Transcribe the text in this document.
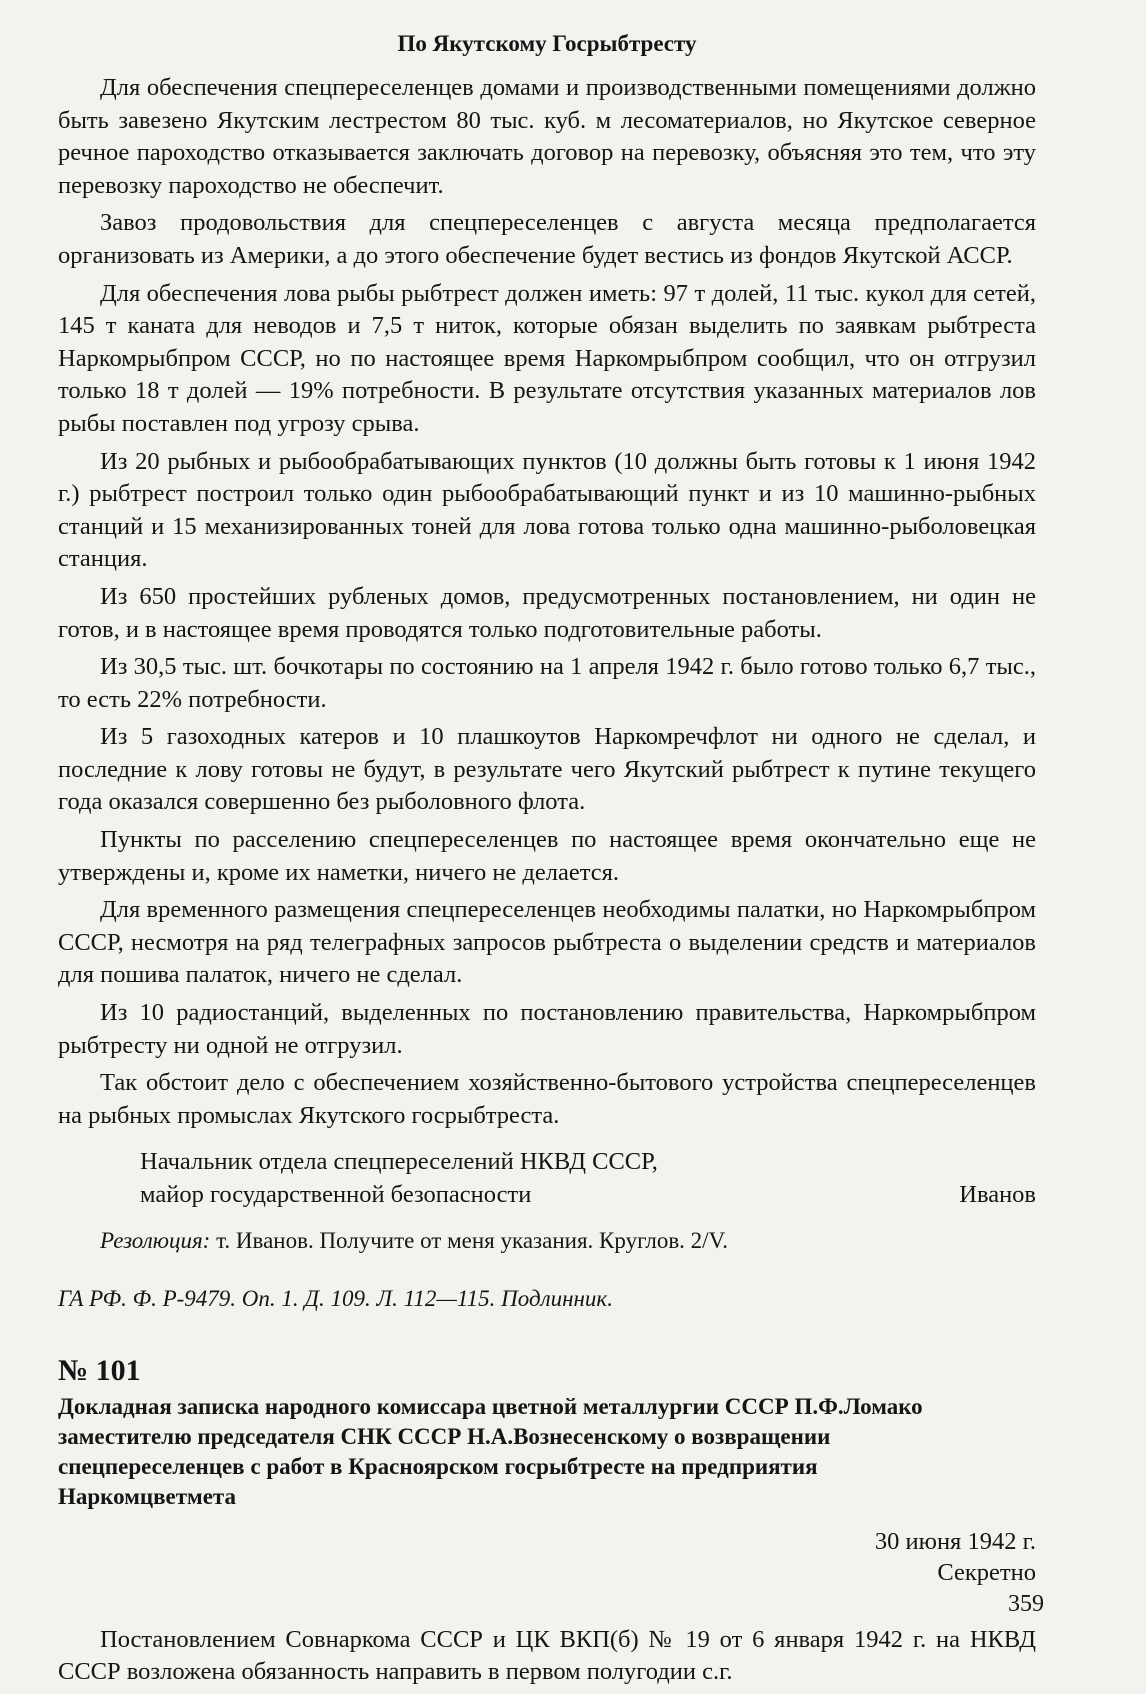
По Якутскому Госрыбтресту

Для обеспечения спецпереселенцев домами и производственными помещениями должно быть завезено Якутским лестрестом 80 тыс. куб. м лесоматериалов, но Якутское северное речное пароходство отказывается заключать договор на перевозку, объясняя это тем, что эту перевозку пароходство не обеспечит.

Завоз продовольствия для спецпереселенцев с августа месяца предполагается организовать из Америки, а до этого обеспечение будет вестись из фондов Якутской АССР.

Для обеспечения лова рыбы рыбтрест должен иметь: 97 т долей, 11 тыс. кукол для сетей, 145 т каната для неводов и 7,5 т ниток, которые обязан выделить по заявкам рыбтреста Наркомрыбпром СССР, но по настоящее время Наркомрыбпром сообщил, что он отгрузил только 18 т долей — 19% потребности. В результате отсутствия указанных материалов лов рыбы поставлен под угрозу срыва.

Из 20 рыбных и рыбообрабатывающих пунктов (10 должны быть готовы к 1 июня 1942 г.) рыбтрест построил только один рыбообрабатывающий пункт и из 10 машинно-рыбных станций и 15 механизированных тоней для лова готова только одна машинно-рыболовецкая станция.

Из 650 простейших рубленых домов, предусмотренных постановлением, ни один не готов, и в настоящее время проводятся только подготовительные работы.

Из 30,5 тыс. шт. бочкотары по состоянию на 1 апреля 1942 г. было готово только 6,7 тыс., то есть 22% потребности.

Из 5 газоходных катеров и 10 плашкоутов Наркомречфлот ни одного не сделал, и последние к лову готовы не будут, в результате чего Якутский рыбтрест к путине текущего года оказался совершенно без рыболовного флота.

Пункты по расселению спецпереселенцев по настоящее время окончательно еще не утверждены и, кроме их наметки, ничего не делается.

Для временного размещения спецпереселенцев необходимы палатки, но Наркомрыбпром СССР, несмотря на ряд телеграфных запросов рыбтреста о выделении средств и материалов для пошива палаток, ничего не сделал.

Из 10 радиостанций, выделенных по постановлению правительства, Наркомрыбпром рыбтресту ни одной не отгрузил.

Так обстоит дело с обеспечением хозяйственно-бытового устройства спецпереселенцев на рыбных промыслах Якутского госрыбтреста.

Начальник отдела спецпереселений НКВД СССР,
майор государственной безопасности	Иванов
Резолюция: т. Иванов. Получите от меня указания. Круглов. 2/V.
ГА РФ. Ф. Р-9479. Оп. 1. Д. 109. Л. 112—115. Подлинник.
№ 101
Докладная записка народного комиссара цветной металлургии СССР П.Ф.Ломако заместителю председателя СНК СССР Н.А.Вознесенскому о возвращении спецпереселенцев с работ в Красноярском госрыбтресте на предприятия Наркомцветмета
30 июня 1942 г.
Секретно

Постановлением Совнаркома СССР и ЦК ВКП(б) № 19 от 6 января 1942 г. на НКВД СССР возложена обязанность направить в первом полугодии с.г.

359
